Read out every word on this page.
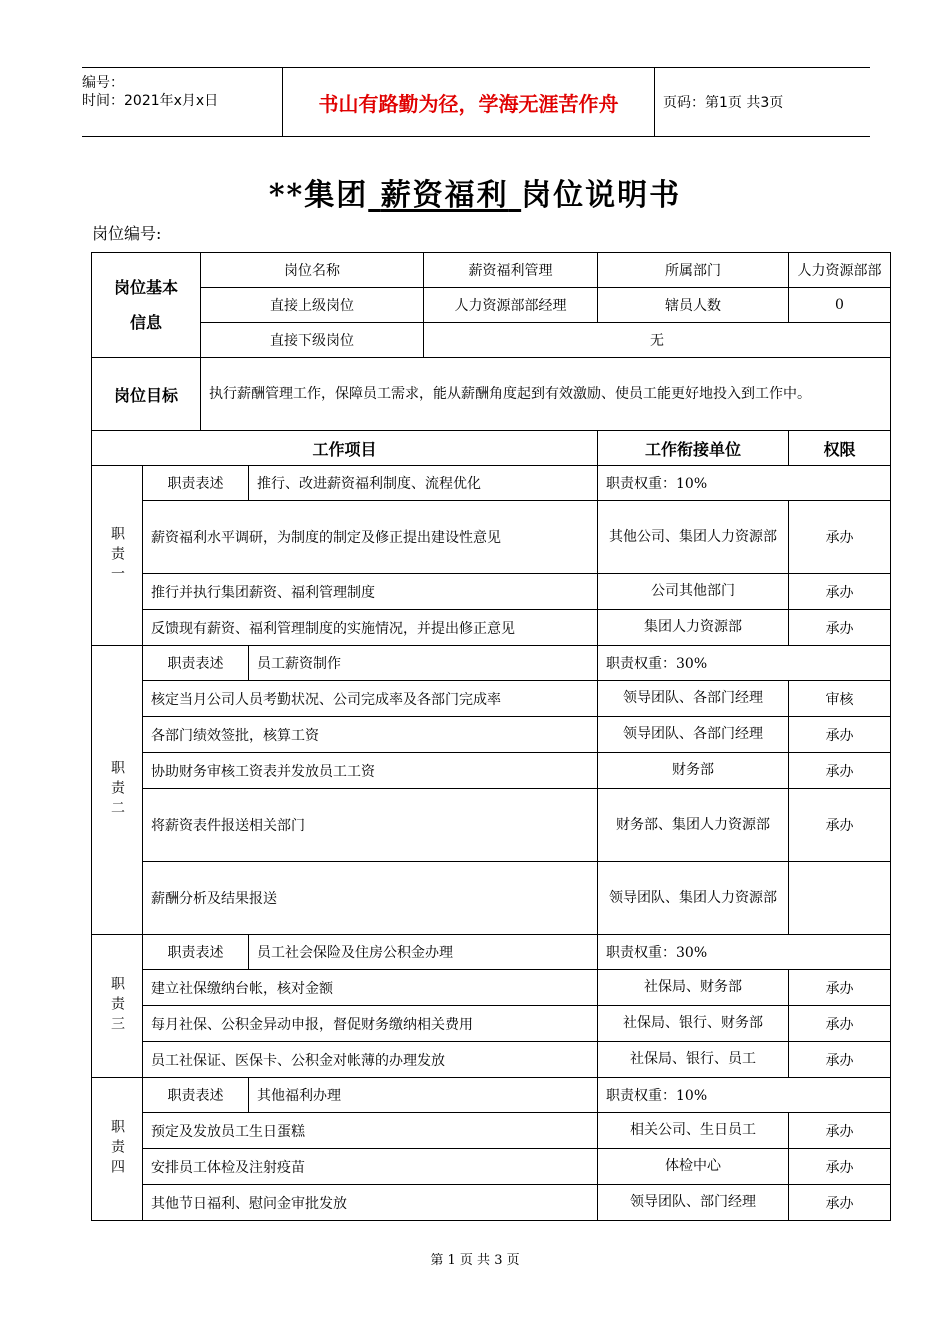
编号：
时间：2021年x月x日	书山有路勤为径，学海无涯苦作舟	页码：第1页 共3页
**集团 薪资福利 岗位说明书
岗位编号:
岗位基本
信息		岗位名称		薪资福利管理	所属部门	人力资源部部
		直接上级岗位		人力资源部部经理	辖员人数	0
		直接下级岗位		无		
岗位目标		执行薪酬管理工作，保障员工需求，能从薪酬角度起到有效激励、使员工能更好地投入到工作中。				
工作项目					工作衔接单位	权限
职责一	职责表述		推行、改进薪资福利制度、流程优化		职责权重：10%	
	薪资福利水平调研，为制度的制定及修正提出建设性意见				其他公司、集团人力资源部	承办
	推行并执行集团薪资、福利管理制度				公司其他部门	承办
	反馈现有薪资、福利管理制度的实施情况，并提出修正意见				集团人力资源部	承办
职责二	职责表述		员工薪资制作		职责权重：30%	
	核定当月公司人员考勤状况、公司完成率及各部门完成率				领导团队、各部门经理	审核
	各部门绩效签批，核算工资				领导团队、各部门经理	承办
	协助财务审核工资表并发放员工工资				财务部	承办
	将薪资表件报送相关部门				财务部、集团人力资源部	承办
	薪酬分析及结果报送				领导团队、集团人力资源部	
职责三	职责表述		员工社会保险及住房公积金办理		职责权重：30%	
	建立社保缴纳台帐，核对金额				社保局、财务部	承办
	每月社保、公积金异动申报，督促财务缴纳相关费用				社保局、银行、财务部	承办
	员工社保证、医保卡、公积金对帐薄的办理发放				社保局、银行、员工	承办
职责四	职责表述		其他福利办理		职责权重：10%	
	预定及发放员工生日蛋糕				相关公司、生日员工	承办
	安排员工体检及注射疫苗				体检中心	承办
	其他节日福利、慰问金审批发放				领导团队、部门经理	承办
第 1 页 共 3 页
